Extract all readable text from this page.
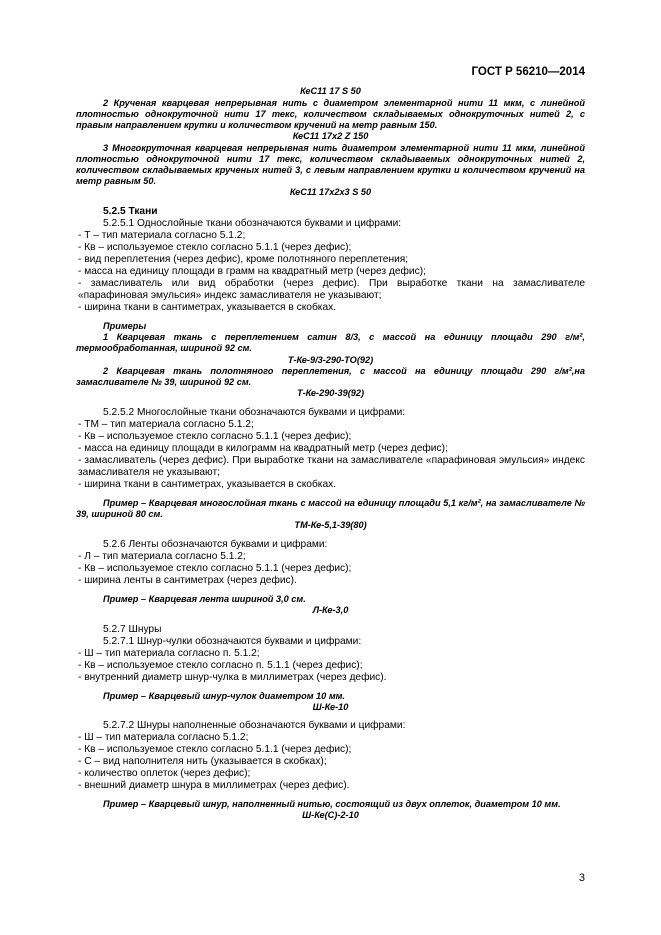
ГОСТ Р 56210—2014

КеС11 17 S 50

2 Крученая кварцевая непрерывная нить с диаметром элементарной нити 11 мкм, с линейной плотностью однокруточной нити 17 текс, количеством складываемых однокруточных нитей 2, с правым направлением крутки и количеством кручений на метр равным 150.

КеС11 17х2 Z 150

3 Многокруточная кварцевая непрерывная нить диаметром элементарной нити 11 мкм, линейной плотностью однокруточной нити 17 текс, количеством складываемых однокруточных нитей 2, количеством складываемых крученых нитей 3, с левым направлением крутки и количеством кручений на метр равным 50.

КеС11 17х2х3 S 50

5.2.5 Ткани

5.2.5.1 Однослойные ткани обозначаются буквами и цифрами:

- Т – тип материала согласно 5.1.2;

- Кв – используемое стекло согласно 5.1.1 (через дефис);

- вид переплетения (через дефис), кроме полотняного переплетения;

- масса на единицу площади в грамм на квадратный метр (через дефис);

- замасливатель или вид обработки (через дефис). При выработке ткани на замасливателе «парафиновая эмульсия» индекс замасливателя не указывают;

- ширина ткани в сантиметрах, указывается в скобках.

Примеры

1 Кварцевая ткань с переплетением сатин 8/3, с массой на единицу площади 290 г/м², термообработанная, шириной 92 см.

Т-Ке-9/3-290-ТО(92)

2 Кварцевая ткань полотняного переплетения, с массой на единицу площади 290 г/м²,на замасливателе № 39, шириной 92 см.

Т-Ке-290-39(92)

5.2.5.2 Многослойные ткани обозначаются буквами и цифрами:

- ТМ – тип материала согласно 5.1.2;

- Кв – используемое стекло согласно 5.1.1 (через дефис);

- масса на единицу площади в килограмм на квадратный метр (через дефис);

- замасливатель (через дефис). При выработке ткани на замасливателе «парафиновая эмульсия» индекс замасливателя не указывают;

- ширина ткани в сантиметрах, указывается в скобках.

Пример – Кварцевая многослойная ткань с массой на единицу площади 5,1 кг/м², на замасливателе № 39, шириной 80 см.

ТМ-Ке-5,1-39(80)

5.2.6 Ленты обозначаются буквами и цифрами:

- Л – тип материала согласно 5.1.2;

- Кв – используемое стекло согласно 5.1.1 (через дефис);

- ширина ленты в сантиметрах (через дефис).

Пример – Кварцевая лента шириной 3,0 см.

Л-Ке-3,0

5.2.7 Шнуры

5.2.7.1 Шнур-чулки обозначаются буквами и цифрами:

- Ш – тип материала согласно п. 5.1.2;

- Кв – используемое стекло согласно п. 5.1.1 (через дефис);

- внутренний диаметр шнур-чулка в миллиметрах (через дефис).

Пример – Кварцевый шнур-чулок диаметром 10 мм.

Ш-Ке-10

5.2.7.2 Шнуры наполненные обозначаются буквами и цифрами:

- Ш – тип материала согласно 5.1.2;

- Кв – используемое стекло согласно 5.1.1 (через дефис);

- С – вид наполнителя нить (указывается в скобках);

- количество оплеток (через дефис);

- внешний диаметр шнура в миллиметрах (через дефис).

Пример – Кварцевый шнур, наполненный нитью, состоящий из двух оплеток, диаметром 10 мм.

Ш-Ке(С)-2-10

3
